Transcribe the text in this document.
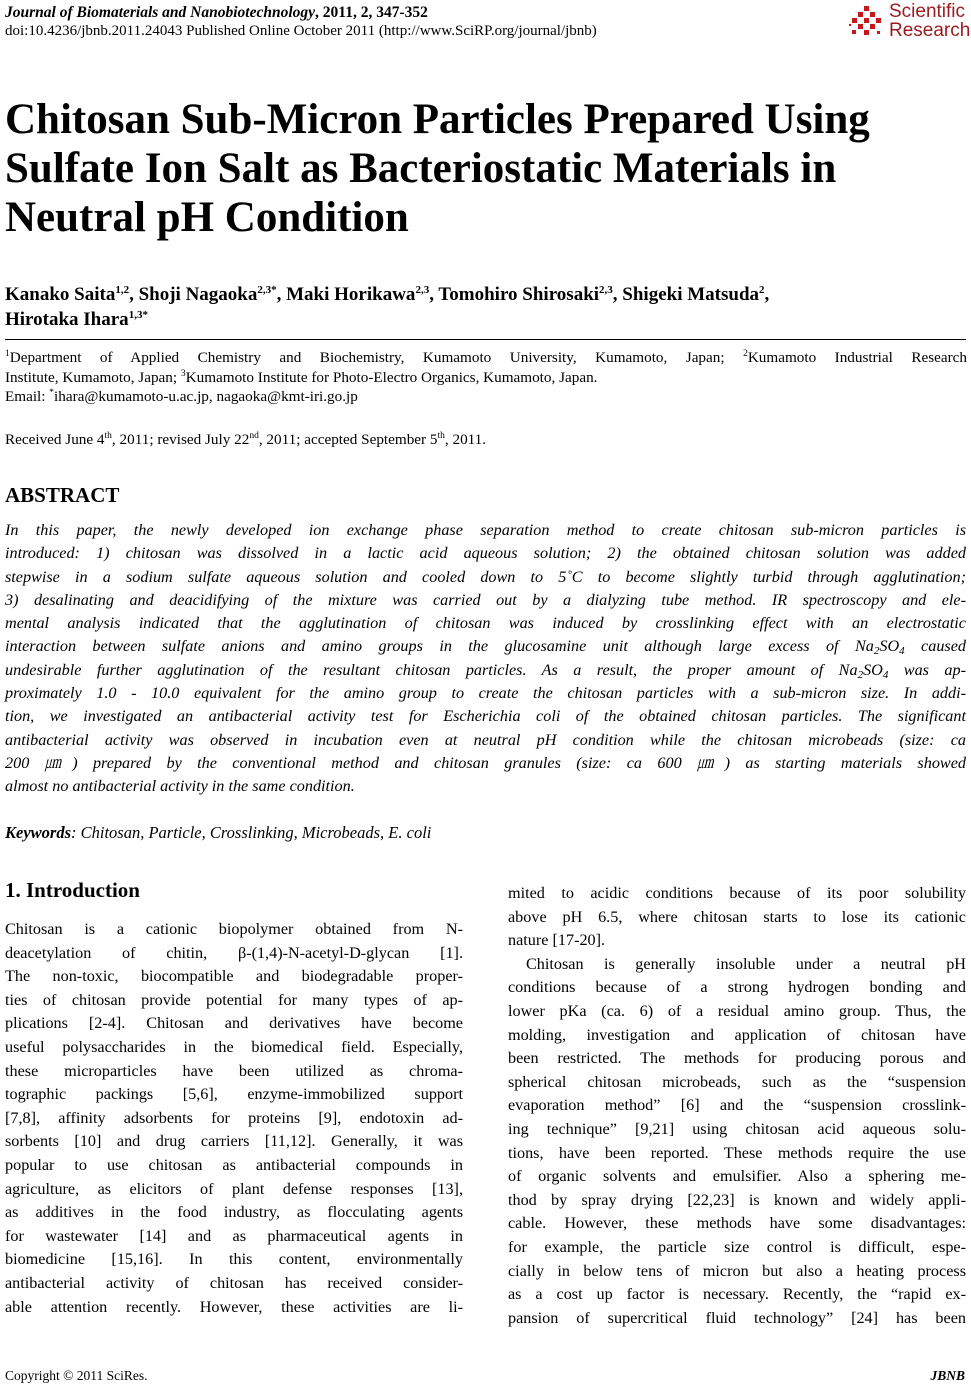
Journal of Biomaterials and Nanobiotechnology, 2011, 2, 347-352
doi:10.4236/jbnb.2011.24043 Published Online October 2011 (http://www.SciRP.org/journal/jbnb)
Scientific
Research
Chitosan Sub-Micron Particles Prepared Using
Sulfate Ion Salt as Bacteriostatic Materials in
Neutral pH Condition
Kanako Saita$^{1,2}$, Shoji Nagaoka$^{2,3*}$, Maki Horikawa$^{2,3}$, Tomohiro Shirosaki$^{2,3}$, Shigeki Matsuda$^2$,
Hirotaka Ihara$^{1,3*}$
$^1$Department of Applied Chemistry and Biochemistry, Kumamoto University, Kumamoto, Japan; $^2$Kumamoto Industrial Research
Institute, Kumamoto, Japan; $^3$Kumamoto Institute for Photo-Electro Organics, Kumamoto, Japan.
Email: *ihara@kumamoto-u.ac.jp, nagaoka@kmt-iri.go.jp
Received June 4th, 2011; revised July 22nd, 2011; accepted September 5th, 2011.
ABSTRACT
In this paper, the newly developed ion exchange phase separation method to create chitosan sub-micron particles is
introduced: 1) chitosan was dissolved in a lactic acid aqueous solution; 2) the obtained chitosan solution was added
stepwise in a sodium sulfate aqueous solution and cooled down to 5˚C to become slightly turbid through agglutination;
3) desalinating and deacidifying of the mixture was carried out by a dialyzing tube method. IR spectroscopy and ele-
mental analysis indicated that the agglutination of chitosan was induced by crosslinking effect with an electrostatic
interaction between sulfate anions and amino groups in the glucosamine unit although large excess of $Na_2SO_4$ caused
undesirable further agglutination of the resultant chitosan particles. As a result, the proper amount of $Na_2SO_4$ was ap-
proximately 1.0 - 10.0 equivalent for the amino group to create the chitosan particles with a sub-micron size. In addi-
tion, we investigated an antibacterial activity test for Escherichia coli of the obtained chitosan particles. The significant
antibacterial activity was observed in incubation even at neutral pH condition while the chitosan microbeads (size: ca
200 ㎛) prepared by the conventional method and chitosan granules (size: ca 600 ㎛) as starting materials showed
almost no antibacterial activity in the same condition.
Keywords: Chitosan, Particle, Crosslinking, Microbeads, E. coli
1. Introduction
Chitosan is a cationic biopolymer obtained from N-
deacetylation of chitin, β-(1,4)-N-acetyl-D-glycan [1].
The non-toxic, biocompatible and biodegradable proper-
ties of chitosan provide potential for many types of ap-
plications [2-4]. Chitosan and derivatives have become
useful polysaccharides in the biomedical field. Especially,
these microparticles have been utilized as chroma-
tographic packings [5,6], enzyme-immobilized support
[7,8], affinity adsorbents for proteins [9], endotoxin ad-
sorbents [10] and drug carriers [11,12]. Generally, it was
popular to use chitosan as antibacterial compounds in
agriculture, as elicitors of plant defense responses [13],
as additives in the food industry, as flocculating agents
for wastewater [14] and as pharmaceutical agents in
biomedicine [15,16]. In this content, environmentally
antibacterial activity of chitosan has received consider-
able attention recently. However, these activities are li-
mited to acidic conditions because of its poor solubility
above pH 6.5, where chitosan starts to lose its cationic
nature [17-20].
Chitosan is generally insoluble under a neutral pH
conditions because of a strong hydrogen bonding and
lower pKa (ca. 6) of a residual amino group. Thus, the
molding, investigation and application of chitosan have
been restricted. The methods for producing porous and
spherical chitosan microbeads, such as the “suspension
evaporation method” [6] and the “suspension crosslink-
ing technique” [9,21] using chitosan acid aqueous solu-
tions, have been reported. These methods require the use
of organic solvents and emulsifier. Also a sphering me-
thod by spray drying [22,23] is known and widely appli-
cable. However, these methods have some disadvantages:
for example, the particle size control is difficult, espe-
cially in below tens of micron but also a heating process
as a cost up factor is necessary. Recently, the “rapid ex-
pansion of supercritical fluid technology” [24] has been
Copyright © 2011 SciRes.	JBNB
